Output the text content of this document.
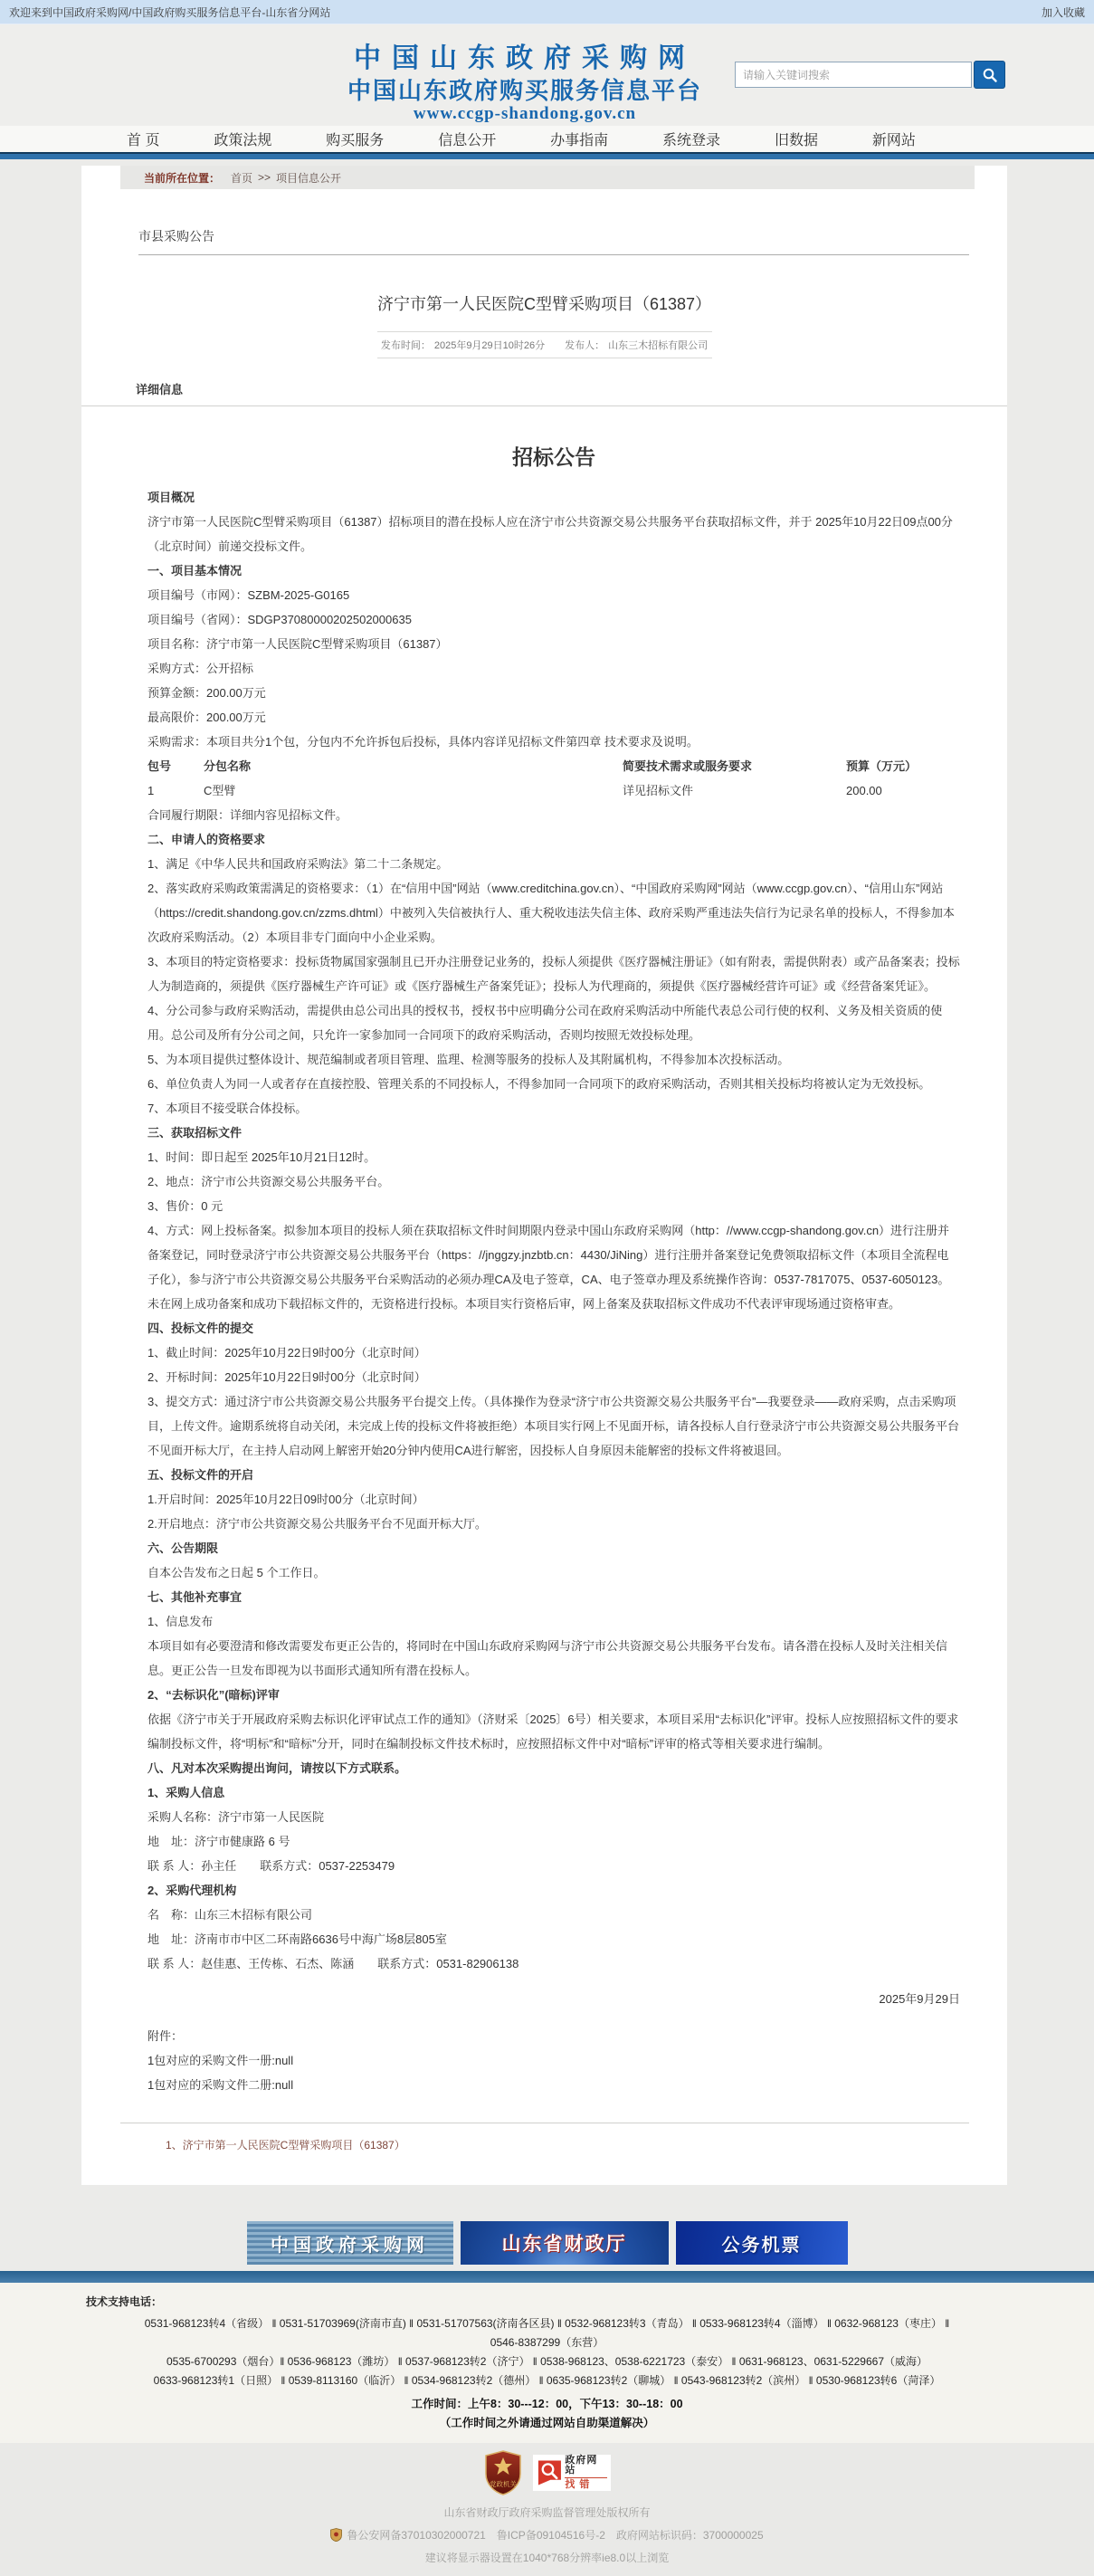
欢迎来到中国政府采购网/中国政府购买服务信息平台-山东省分网站	加入收藏
中国山东政府采购网
中国山东政府购买服务信息平台
www.ccgp-shandong.gov.cn
请输入关键词搜索
首 页	政策法规	购买服务	信息公开	办事指南	系统登录	旧数据	新网站
当前所在位置： 首页 >> 项目信息公开
市县采购公告
济宁市第一人民医院C型臂采购项目（61387）
发布时间： 2025年9月29日10时26分 发布人： 山东三木招标有限公司
详细信息
招标公告
项目概况
济宁市第一人民医院C型臂采购项目（61387）招标项目的潜在投标人应在济宁市公共资源交易公共服务平台获取招标文件，并于 2025年10月22日09点00分（北京时间）前递交投标文件。
一、项目基本情况
项目编号（市网）：SZBM-2025-G0165
项目编号（省网）：SDGP37080000202502000635
项目名称：济宁市第一人民医院C型臂采购项目（61387）
采购方式：公开招标
预算金额：200.00万元
最高限价：200.00万元
采购需求：本项目共分1个包，分包内不允许拆包后投标，具体内容详见招标文件第四章 技术要求及说明。
包号	分包名称	简要技术需求或服务要求	预算（万元）
1	C型臂	详见招标文件	200.00
合同履行期限：详细内容见招标文件。
二、申请人的资格要求
1、满足《中华人民共和国政府采购法》第二十二条规定。
2、落实政府采购政策需满足的资格要求：（1）在“信用中国”网站（www.creditchina.gov.cn）、“中国政府采购网”网站（www.ccgp.gov.cn）、“信用山东”网站（https://credit.shandong.gov.cn/zzms.dhtml）中被列入失信被执行人、重大税收违法失信主体、政府采购严重违法失信行为记录名单的投标人，不得参加本次政府采购活动。（2）本项目非专门面向中小企业采购。
3、本项目的特定资格要求：投标货物属国家强制且已开办注册登记业务的，投标人须提供《医疗器械注册证》（如有附表，需提供附表）或产品备案表；投标人为制造商的，须提供《医疗器械生产许可证》或《医疗器械生产备案凭证》；投标人为代理商的，须提供《医疗器械经营许可证》或《经营备案凭证》。
4、分公司参与政府采购活动，需提供由总公司出具的授权书，授权书中应明确分公司在政府采购活动中所能代表总公司行使的权利、义务及相关资质的使用。总公司及所有分公司之间，只允许一家参加同一合同项下的政府采购活动，否则均按照无效投标处理。
5、为本项目提供过整体设计、规范编制或者项目管理、监理、检测等服务的投标人及其附属机构，不得参加本次投标活动。
6、单位负责人为同一人或者存在直接控股、管理关系的不同投标人，不得参加同一合同项下的政府采购活动，否则其相关投标均将被认定为无效投标。
7、本项目不接受联合体投标。
三、获取招标文件
1、时间：即日起至 2025年10月21日12时。
2、地点：济宁市公共资源交易公共服务平台。
3、售价：0 元
4、方式：网上投标备案。拟参加本项目的投标人须在获取招标文件时间期限内登录中国山东政府采购网（http：//www.ccgp-shandong.gov.cn）进行注册并备案登记，同时登录济宁市公共资源交易公共服务平台（https：//jnggzy.jnzbtb.cn：4430/JiNing）进行注册并备案登记免费领取招标文件（本项目全流程电子化），参与济宁市公共资源交易公共服务平台采购活动的必须办理CA及电子签章，CA、电子签章办理及系统操作咨询：0537-7817075、0537-6050123。未在网上成功备案和成功下载招标文件的，无资格进行投标。本项目实行资格后审，网上备案及获取招标文件成功不代表评审现场通过资格审查。
四、投标文件的提交
1、截止时间：2025年10月22日9时00分（北京时间）
2、开标时间：2025年10月22日9时00分（北京时间）
3、提交方式：通过济宁市公共资源交易公共服务平台提交上传。（具体操作为登录“济宁市公共资源交易公共服务平台”—我要登录——政府采购，点击采购项目，上传文件。逾期系统将自动关闭，未完成上传的投标文件将被拒绝）本项目实行网上不见面开标，请各投标人自行登录济宁市公共资源交易公共服务平台不见面开标大厅，在主持人启动网上解密开始20分钟内使用CA进行解密，因投标人自身原因未能解密的投标文件将被退回。
五、投标文件的开启
1.开启时间：2025年10月22日09时00分（北京时间）
2.开启地点：济宁市公共资源交易公共服务平台不见面开标大厅。
六、公告期限
自本公告发布之日起 5 个工作日。
七、其他补充事宜
1、信息发布
本项目如有必要澄清和修改需要发布更正公告的，将同时在中国山东政府采购网与济宁市公共资源交易公共服务平台发布。请各潜在投标人及时关注相关信息。更正公告一旦发布即视为以书面形式通知所有潜在投标人。
2、“去标识化”(暗标)评审
依据《济宁市关于开展政府采购去标识化评审试点工作的通知》（济财采〔2025〕6号）相关要求，本项目采用“去标识化”评审。投标人应按照招标文件的要求编制投标文件，将“明标”和“暗标”分开，同时在编制投标文件技术标时，应按照招标文件中对“暗标”评审的格式等相关要求进行编制。
八、凡对本次采购提出询问，请按以下方式联系。
1、采购人信息
采购人名称：济宁市第一人民医院
地　址：济宁市健康路 6 号
联 系 人：孙主任　　联系方式：0537-2253479
2、采购代理机构
名　称：山东三木招标有限公司
地　址：济南市市中区二环南路6636号中海广场8层805室
联 系 人：赵佳惠、王传栋、石杰、陈涵　　联系方式：0531-82906138
2025年9月29日
附件：
1包对应的采购文件一册:null
1包对应的采购文件二册:null
1、济宁市第一人民医院C型臂采购项目（61387）
中国政府采购网	山东省财政厅	公务机票
技术支持电话：
0531-968123转4（省级） ‖ 0531-51703969(济南市直) ‖ 0531-51707563(济南各区县) ‖ 0532-968123转3（青岛） ‖ 0533-968123转4（淄博） ‖ 0632-968123（枣庄） ‖
0546-8387299（东营）
0535-6700293（烟台）‖ 0536-968123（潍坊） ‖ 0537-968123转2（济宁） ‖ 0538-968123、0538-6221723（泰安） ‖ 0631-968123、0631-5229667（威海）
0633-968123转1（日照） ‖ 0539-8113160（临沂） ‖ 0534-968123转2（德州） ‖ 0635-968123转2（聊城） ‖ 0543-968123转2（滨州） ‖ 0530-968123转6（菏泽）
工作时间：上午8：30---12：00，下午13：30--18：00
（工作时间之外请通过网站自助渠道解决）
党政机关
政府网站
找错
山东省财政厅政府采购监督管理处版权所有
鲁公安网备37010302000721　鲁ICP备09104516号-2　政府网站标识码：3700000025
建议将显示器设置在1040*768分辨率ie8.0以上浏览
